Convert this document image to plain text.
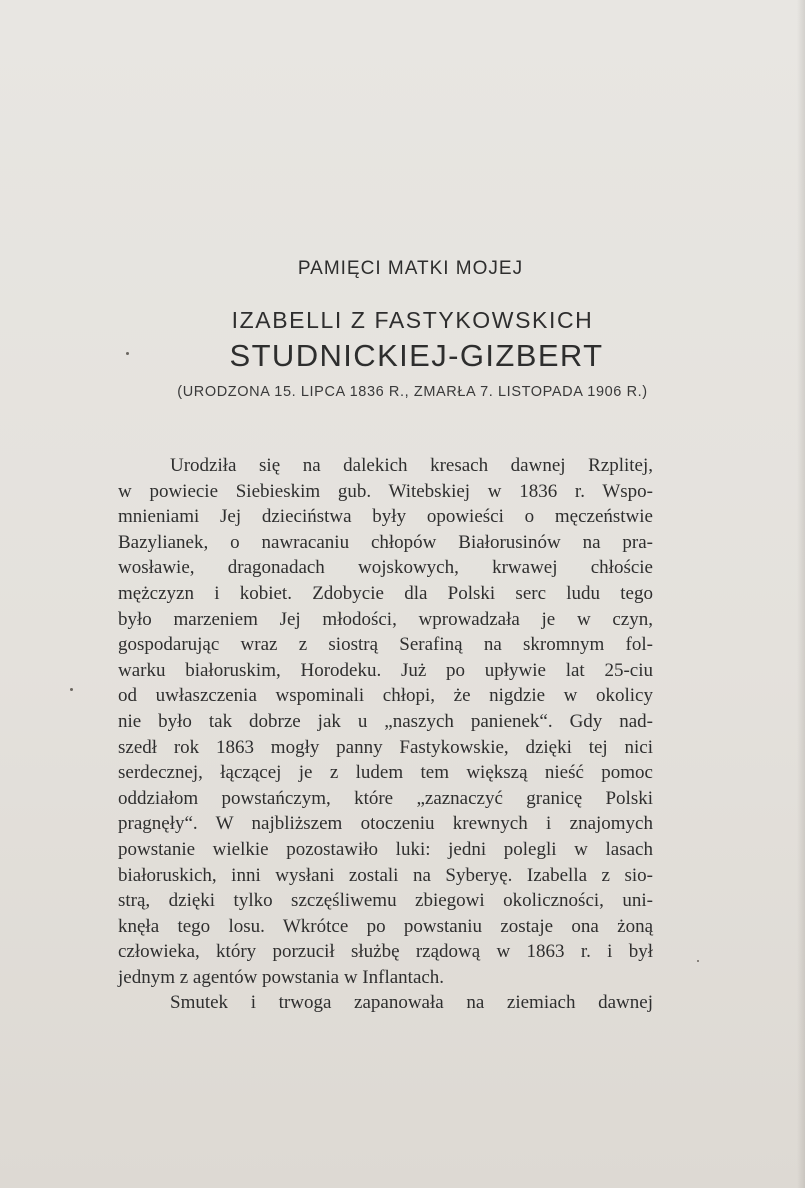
PAMIĘCI MATKI MOJEJ
IZABELLI Z FASTYKOWSKICH
STUDNICKIEJ-GIZBERT
(URODZONA 15. LIPCA 1836 R., ZMARŁA 7. LISTOPADA 1906 R.)
Urodziła się na dalekich kresach dawnej Rzplitej,
w powiecie Siebieskim gub. Witebskiej w 1836 r. Wspo-
mnieniami Jej dzieciństwa były opowieści o męczeństwie
Bazylianek, o nawracaniu chłopów Białorusinów na pra-
wosławie, dragonadach wojskowych, krwawej chłoście
mężczyzn i kobiet. Zdobycie dla Polski serc ludu tego
było marzeniem Jej młodości, wprowadzała je w czyn,
gospodarując wraz z siostrą Serafiną na skromnym fol-
warku białoruskim, Horodeku. Już po upływie lat 25-ciu
od uwłaszczenia wspominali chłopi, że nigdzie w okolicy
nie było tak dobrze jak u „naszych panienek“. Gdy nad-
szedł rok 1863 mogły panny Fastykowskie, dzięki tej nici
serdecznej, łączącej je z ludem tem większą nieść pomoc
oddziałom powstańczym, które „zaznaczyć granicę Polski
pragnęły“. W najbliższem otoczeniu krewnych i znajomych
powstanie wielkie pozostawiło luki: jedni polegli w lasach
białoruskich, inni wysłani zostali na Syberyę. Izabella z sio-
strą, dzięki tylko szczęśliwemu zbiegowi okoliczności, uni-
knęła tego losu. Wkrótce po powstaniu zostaje ona żoną
człowieka, który porzucił służbę rządową w 1863 r. i był
jednym z agentów powstania w Inflantach.
Smutek i trwoga zapanowała na ziemiach dawnej
